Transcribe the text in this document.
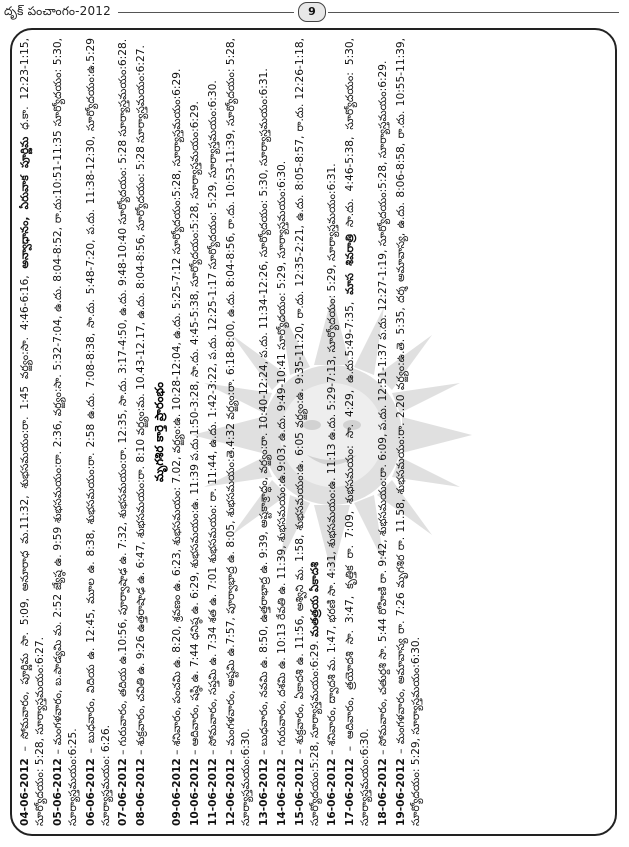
దృక్ పంచాంగం-2012	9

04-06-2012 – సోమవారం, పూర్ణిమ సా. 5:09, అనూరాధ మ.11:32, శుభసమయం:రా. 1:45 వర్జ్యం:సా. 4:46-6:16, అన్వాధానం, ఏరువాక పూర్ణిమ ధ.కా. 12:23-1:15, సూర్యోదయం: 5:28, సూర్యాస్తమయం:6:27. 05-06-2012 – మంగళవారం, బ.పాడ్యమి మ. 2:52 జ్యేష్ఠ ఉ. 9:59 శుభసమయం:రా. 2:36, వర్జ్యం:సా. 5:32-7:04, ఉ.దు. 8:04-8:52, రా.దు:10:51-11:35 సూర్యోదయం: 5:30, సూర్యాస్తమయం:6:25. 06-06-2012 – బుధవారం, విదియ ఉ. 12:45, మూల ఉ. 8:38, శుభసమయం:రా. 2:58 ఉ.దు. 7:08-8:38, సా.దు. 5:48-7:20, ప.దు. 11:38-12:30, సూర్యోదయం:ఉ.5:29 సూర్యాస్తమయం: 6:26. 07-06-2012 – గురువారం, తదియ ఉ.10:56, పూర్వాషాఢ ఉ. 7:32, శుభసమయం:రా. 12:35, సా.దు. 3:17-4:50, ఉ.దు. 9:48-10:40 సూర్యోదయం: 5:28 సూర్యాస్తమయం:6:28.

08-06-2012 – శుక్రవారం, చవితి ఉ. 9:26 ఉత్తరాషాఢ ఉ. 6:47, శుభసమయం:రా. 8:10 వర్జ్యం:మ. 10.43-12.17, ఉ.దు. 8:04-8:56, సూర్యోదయం: 5:28 సూర్యాస్తమయం:6:27.

మృగశిర కార్తె ప్రారంభం

09-06-2012 – శనివారం, పంచమి ఉ. 8:20, శ్రవణం ఉ. 6:23, శుభసమయం: 7.02, వర్జ్యం:ఉ. 10:28-12:04, ఉ.దు. 5:25-7:12 సూర్యోదయం:5:28, సూర్యాస్తమయం:6:29.

10-06-2012 – ఆదివారం, షష్ఠి ఉ. 7:44 ధనిష్ఠ ఉ. 6:29, శుభసమయం:ఉ. 11:39 ప.దు.1:50-3:28, సా.దు. 4:45-5:38, సూర్యోదయం:5:28, సూర్యాస్తమయం:6:29.

11-06-2012 – సోమవారం, సప్తమి ఉ. 7:34 శత ఉ. 7:01 శుభసమయం: రా. 11:44, ఉ.దు. 1:42-3:22, ప.దు. 12:25-1:17 సూర్యోదయం: 5:29, సూర్యాస్తమయం:6:30.

12-06-2012 – మంగళవారం, అష్టమి ఉ.7:57, పూర్వాభాద్ర ఉ. 8:05, శుభసమయం:తె.4:32 వర్జ్యం:రా. 6:18-8:00, ఉ.దు. 8:04-8:56, రా.దు. 10:53-11:39, సూర్యోదయం: 5:28, సూర్యాస్తమయం:6:30. 13-06-2012 – బుధవారం, నవమి ఉ. 8:50, ఉత్తరాభాద్ర ఉ. 9:39, అష్టకాశ్రాద్ధం, వర్జ్యం:రా. 10:40-12:24, ప.దు. 11:34-12:26, సూర్యోదయం: 5:30, సూర్యాస్తమయం:6:31.

14-06-2012 – గురువారం, దశమి ఉ. 10:13 రేవతి ఉ. 11:39, శుభసమయం:ఉ.9:03, ఉ.దు. 9:49-10:41 సూర్యోదయం: 5:29, సూర్యాస్తమయం:6:30.

15-06-2012 – శుక్రవారం, ఏకాదశి ఉ. 11:56, అశ్విని మ. 1:58, శుభసమయం:ఉ. 6:05 వర్జ్యం:ఉ. 9:35-11:20, రా.దు. 12:35-2:21, ఉ.దు. 8:05-8:57, రా.దు. 12:26-1:18, సూర్యోదయం:5:28, సూర్యాస్తమయం:6:29. మతత్రయ ఏకాదశి

16-06-2012 – శనివారం, ద్వాదశి మ. 1:47, భరణి సా. 4:31, శుభసమయం:ఉ. 11:13 ఉ.దు. 5:29-7:13, సూర్యోదయం: 5:29, సూర్యాస్తమయం:6:31.

17-06-2012 – ఆదివారం, త్రయోదశి సా. 3:47, కృత్తిక రా. 7:09, శుభసమయం: సా. 4:29, ఉ.దు.5:49-7:35, మాస శివరాత్రి సా.దు. 4:46-5:38, సూర్యోదయం: 5:30, సూర్యాస్తమయం:6:30. 18-06-2012 – సోమవారం, చతుర్దశి సా. 5:44 రోహిణి రా. 9:42, శుభసమయం:రా. 6:09, ప.దు. 12:51-1:37 ప.దు. 12:27-1:19, సూర్యోదయం:5:28, సూర్యాస్తమయం:6:29.

19-06-2012 – మంగళవారం, అమావాస్య రా. 7:26 మృగశిర రా. 11.58, శుభసమయం:రా. 2.20 వర్జ్యం:ఉ.తె. 5:35, దర్శ అమావాస్య, ఉ.దు. 8:06-8:58, రా.దు. 10:55-11:39, సూర్యోదయం: 5:29, సూర్యాస్తమయం:6:30.
